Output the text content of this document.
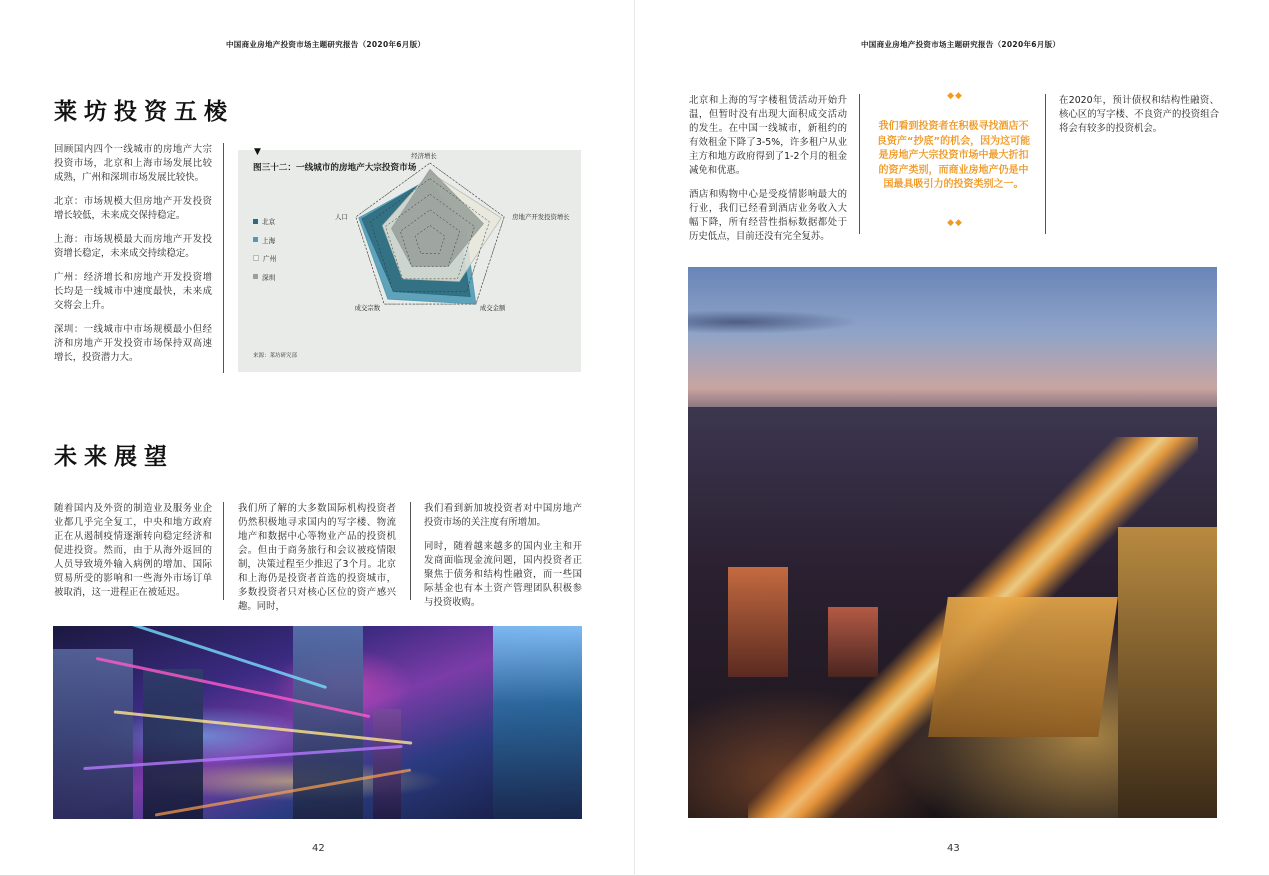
中国商业房地产投资市场主题研究报告（2020年6月版）
莱坊投资五棱

回顾国内四个一线城市的房地产大宗投资市场，北京和上海市场发展比较成熟，广州和深圳市场发展比较快。

北京：市场规模大但房地产开发投资增长较低，未来成交保持稳定。

上海：市场规模最大而房地产开发投资增长稳定，未来成交持续稳定。

广州：经济增长和房地产开发投资增长均是一线城市中速度最快，未来成交将会上升。

深圳：一线城市中市场规模最小但经济和房地产开发投资市场保持双高速增长，投资潜力大。

▼
图三十二：一线城市的房地产大宗投资市场
北京
上海
广州
深圳
经济增长
房地产开发投资增长
成交金额
成交宗数
人口
来源：莱坊研究部
未来展望

随着国内及外资的制造业及服务业企业都几乎完全复工，中央和地方政府正在从遏制疫情逐渐转向稳定经济和促进投资。然而，由于从海外返回的人员导致境外输入病例的增加、国际贸易所受的影响和一些海外市场订单被取消，这一进程正在被延迟。

我们所了解的大多数国际机构投资者仍然积极地寻求国内的写字楼、物流地产和数据中心等物业产品的投资机会。但由于商务旅行和会议被疫情限制，决策过程至少推迟了3个月。北京和上海仍是投资者首选的投资城市，多数投资者只对核心区位的资产感兴趣。同时，

我们看到新加坡投资者对中国房地产投资市场的关注度有所增加。

同时，随着越来越多的国内业主和开发商面临现金流问题，国内投资者正聚焦于债务和结构性融资，而一些国际基金也有本土资产管理团队积极参与投资收购。

42
中国商业房地产投资市场主题研究报告（2020年6月版）

北京和上海的写字楼租赁活动开始升温，但暂时没有出现大面积成交活动的发生。在中国一线城市，新租约的有效租金下降了3-5%，许多租户从业主方和地方政府得到了1-2个月的租金减免和优惠。

酒店和购物中心是受疫情影响最大的行业，我们已经看到酒店业务收入大幅下降，所有经营性指标数据都处于历史低点，目前还没有完全复苏。

在2020年，预计债权和结构性融资、核心区的写字楼、不良资产的投资组合将会有较多的投资机会。

43
◆◆
我们看到投资者在积极寻找酒店不良资产“抄底”的机会，因为这可能是房地产大宗投资市场中最大折扣的资产类别，而商业房地产仍是中国最具吸引力的投资类别之一。
◆◆
